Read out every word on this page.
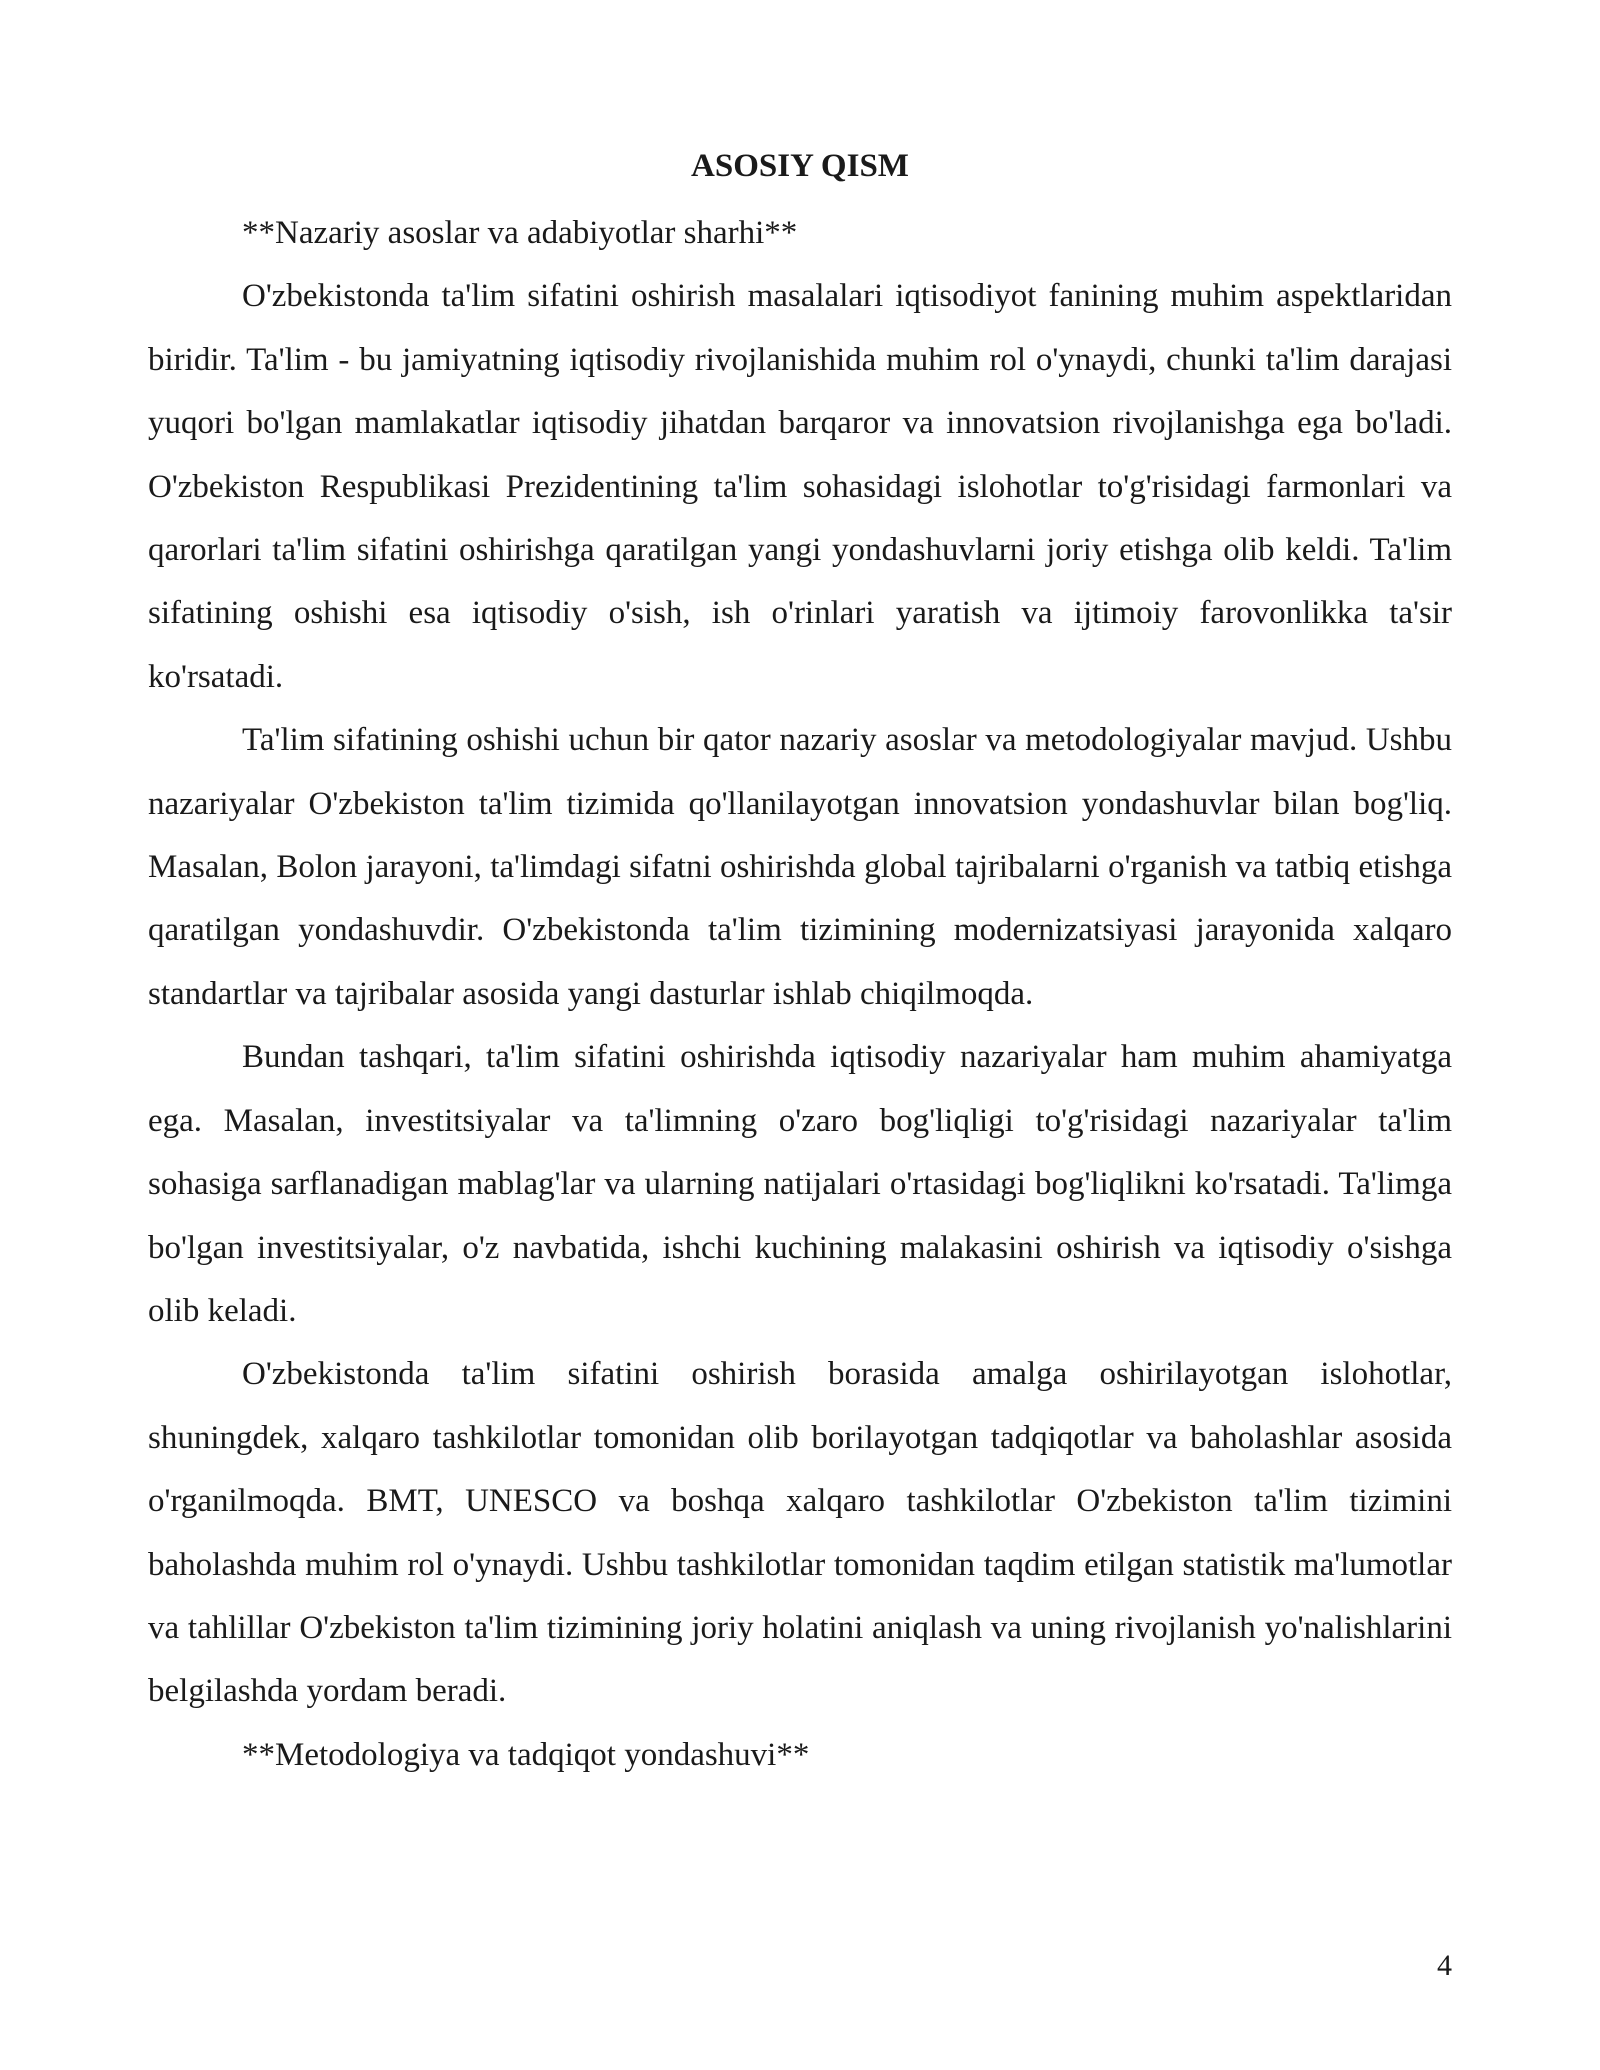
ASOSIY QISM

**Nazariy asoslar va adabiyotlar sharhi**

O'zbekistonda ta'lim sifatini oshirish masalalari iqtisodiyot fanining muhim aspektlaridan biridir. Ta'lim - bu jamiyatning iqtisodiy rivojlanishida muhim rol o'ynaydi, chunki ta'lim darajasi yuqori bo'lgan mamlakatlar iqtisodiy jihatdan barqaror va innovatsion rivojlanishga ega bo'ladi. O'zbekiston Respublikasi Prezidentining ta'lim sohasidagi islohotlar to'g'risidagi farmonlari va qarorlari ta'lim sifatini oshirishga qaratilgan yangi yondashuvlarni joriy etishga olib keldi. Ta'lim sifatining oshishi esa iqtisodiy o'sish, ish o'rinlari yaratish va ijtimoiy farovonlikka ta'sir ko'rsatadi.

Ta'lim sifatining oshishi uchun bir qator nazariy asoslar va metodologiyalar mavjud. Ushbu nazariyalar O'zbekiston ta'lim tizimida qo'llanilayotgan innovatsion yondashuvlar bilan bog'liq. Masalan, Bolon jarayoni, ta'limdagi sifatni oshirishda global tajribalarni o'rganish va tatbiq etishga qaratilgan yondashuvdir. O'zbekistonda ta'lim tizimining modernizatsiyasi jarayonida xalqaro standartlar va tajribalar asosida yangi dasturlar ishlab chiqilmoqda.

Bundan tashqari, ta'lim sifatini oshirishda iqtisodiy nazariyalar ham muhim ahamiyatga ega. Masalan, investitsiyalar va ta'limning o'zaro bog'liqligi to'g'risidagi nazariyalar ta'lim sohasiga sarflanadigan mablag'lar va ularning natijalari o'rtasidagi bog'liqlikni ko'rsatadi. Ta'limga bo'lgan investitsiyalar, o'z navbatida, ishchi kuchining malakasini oshirish va iqtisodiy o'sishga olib keladi.

O'zbekistonda ta'lim sifatini oshirish borasida amalga oshirilayotgan islohotlar, shuningdek, xalqaro tashkilotlar tomonidan olib borilayotgan tadqiqotlar va baholashlar asosida o'rganilmoqda. BMT, UNESCO va boshqa xalqaro tashkilotlar O'zbekiston ta'lim tizimini baholashda muhim rol o'ynaydi. Ushbu tashkilotlar tomonidan taqdim etilgan statistik ma'lumotlar va tahlillar O'zbekiston ta'lim tizimining joriy holatini aniqlash va uning rivojlanish yo'nalishlarini belgilashda yordam beradi.

**Metodologiya va tadqiqot yondashuvi**

4
